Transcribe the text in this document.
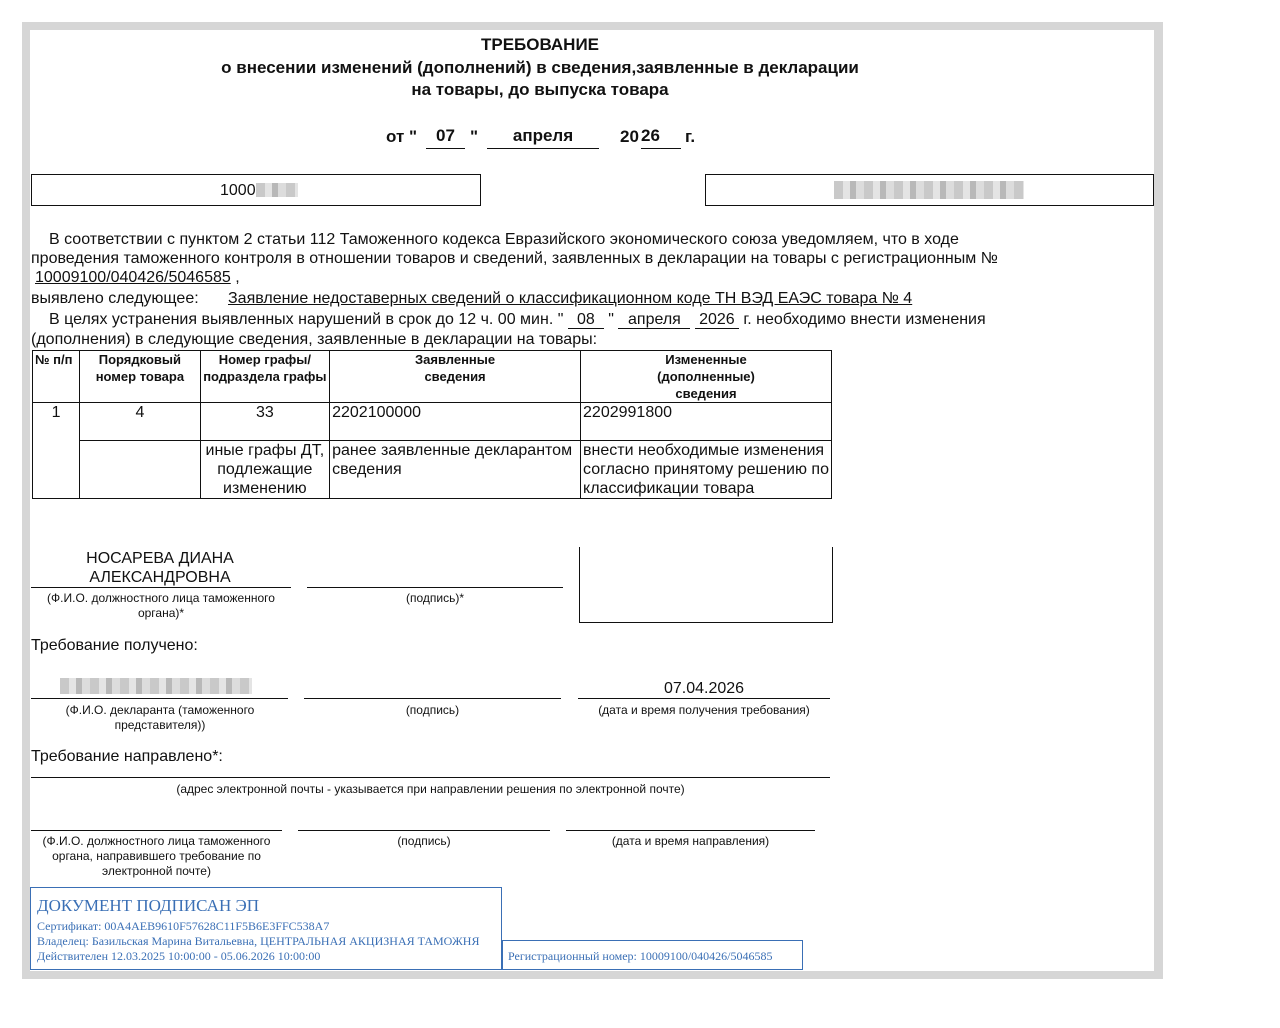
ТРЕБОВАНИЕ
о внесении изменений (дополнений) в сведения,заявленные в декларации
на товары, до выпуска товара
от "	07 "	апреля	20 26	г.
1000
В соответствии с пунктом 2 статьи 112 Таможенного кодекса Евразийского экономического союза уведомляем, что в ходе
проведения таможенного контроля в отношении товаров и сведений, заявленных в декларации на товары с регистрационным №
10009100/040426/5046585 ,
выявлено следующее: Заявление недоставерных сведений о классификационном коде ТН ВЭД ЕАЭС товара № 4
В целях устранения выявленных нарушений в срок до 12 ч. 00 мин. " 08 " апреля 2026 г. необходимо внести изменения
(дополнения) в следующие сведения, заявленные в декларации на товары:
№ п/п	Порядковый номер товара	Номер графы/ подраздела графы	Заявленные сведения	Измененные (дополненные) сведения
1	4	33	2202100000	2202991800
		иные графы ДТ, подлежащие изменению	ранее заявленные декларантом сведения	внести необходимые изменения согласно принятому решению по классификации товара
НОСАРЕВА ДИАНА АЛЕКСАНДРОВНА
(Ф.И.О. должностного лица таможенного органа)*
(подпись)*
Требование получено:
(Ф.И.О. декларанта (таможенного представителя))
(подпись)
07.04.2026
(дата и время получения требования)
Требование направлено*:
(адрес электронной почты - указывается при направлении решения по электронной почте)
(Ф.И.О. должностного лица таможенного органа, направившего требование по электронной почте)
(подпись)	(дата и время направления)
ДОКУМЕНТ ПОДПИСАН ЭП
Сертификат: 00A4AEB9610F57628C11F5B6E3FFC538A7
Владелец: Базильская Марина Витальевна, ЦЕНТРАЛЬНАЯ АКЦИЗНАЯ ТАМОЖНЯ
Действителен 12.03.2025 10:00:00 - 05.06.2026 10:00:00	Регистрационный номер: 10009100/040426/5046585
